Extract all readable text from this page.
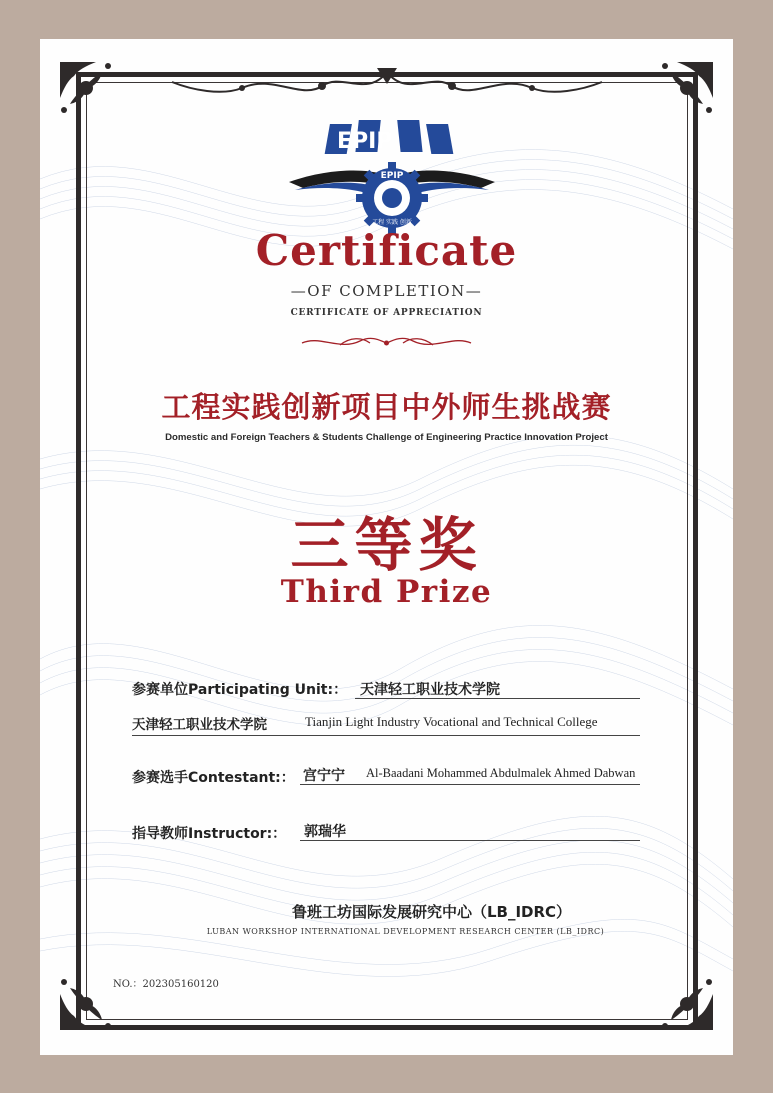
EPIP
EPIP
工程 实践 创新
Certificate
—OF COMPLETION—
CERTIFICATE OF APPRECIATION
工程实践创新项目中外师生挑战赛
Domestic and Foreign Teachers & Students Challenge of Engineering Practice Innovation Project
三等奖
Third Prize
参赛单位Participating Unit:： 天津轻工职业技术学院
天津轻工职业技术学院	Tianjin Light Industry Vocational and Technical College
参赛选手Contestant:： 宫宁宁 Al-Baadani Mohammed Abdulmalek Ahmed Dabwan
指导教师Instructor:： 郭瑞华
鲁班工坊国际发展研究中心（LB_IDRC）
LUBAN WORKSHOP INTERNATIONAL DEVELOPMENT RESEARCH CENTER (LB_IDRC)
NO.：202305160120
